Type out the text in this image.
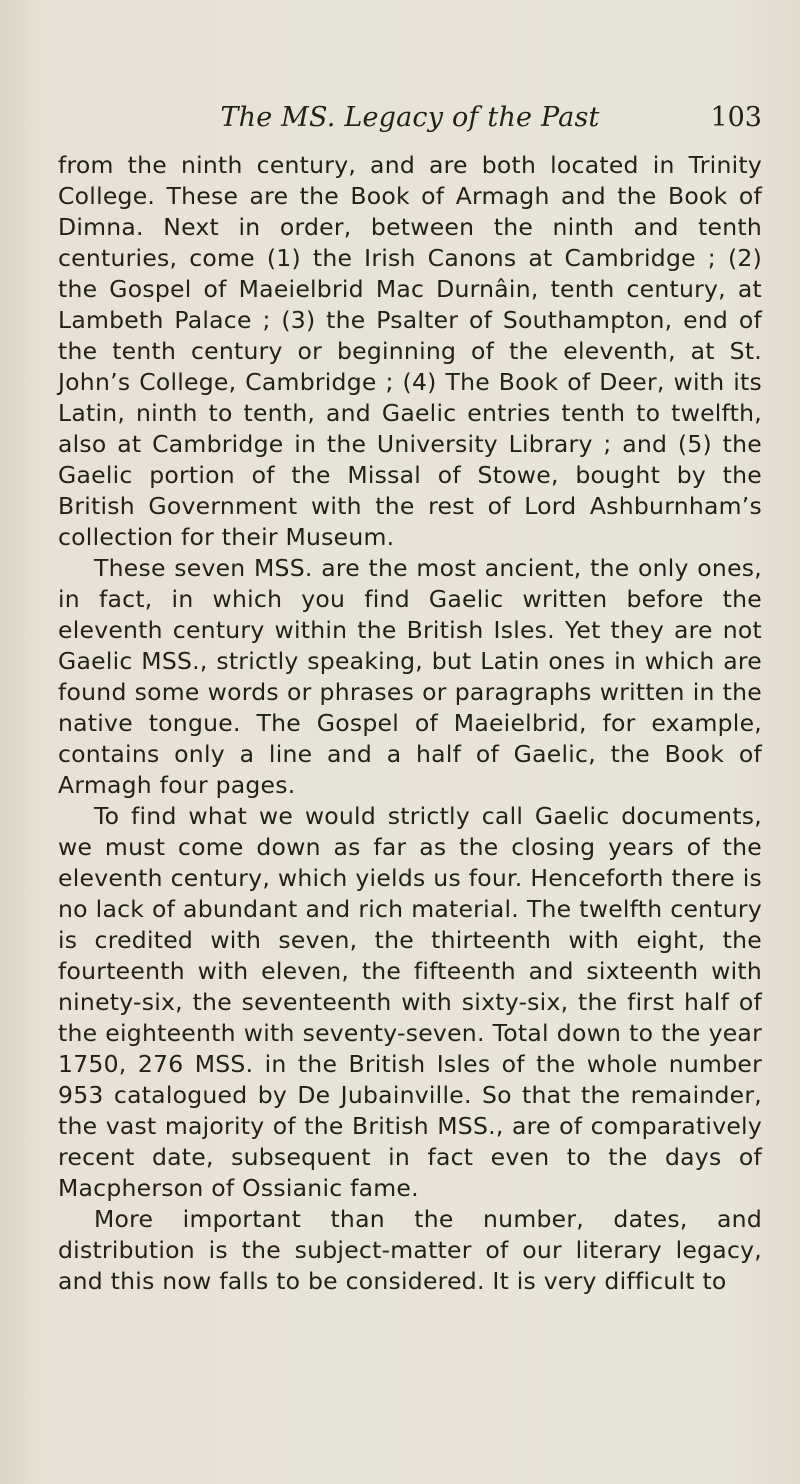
The MS. Legacy of the Past	103

from the ninth century, and are both located in Trinity College. These are the Book of Armagh and the Book of Dimna. Next in order, between the ninth and tenth centuries, come (1) the Irish Canons at Cambridge ; (2) the Gospel of Maeielbrid Mac Durnâin, tenth century, at Lambeth Palace ; (3) the Psalter of Southampton, end of the tenth century or beginning of the eleventh, at St. John’s College, Cambridge ; (4) The Book of Deer, with its Latin, ninth to tenth, and Gaelic entries tenth to twelfth, also at Cambridge in the University Library ; and (5) the Gaelic portion of the Missal of Stowe, bought by the British Government with the rest of Lord Ashburnham’s collection for their Museum.

These seven MSS. are the most ancient, the only ones, in fact, in which you find Gaelic written before the eleventh century within the British Isles. Yet they are not Gaelic MSS., strictly speaking, but Latin ones in which are found some words or phrases or paragraphs written in the native tongue. The Gospel of Maeielbrid, for example, contains only a line and a half of Gaelic, the Book of Armagh four pages.

To find what we would strictly call Gaelic documents, we must come down as far as the closing years of the eleventh century, which yields us four. Henceforth there is no lack of abundant and rich material. The twelfth century is credited with seven, the thirteenth with eight, the fourteenth with eleven, the fifteenth and sixteenth with ninety-six, the seventeenth with sixty-six, the first half of the eighteenth with seventy-seven. Total down to the year 1750, 276 MSS. in the British Isles of the whole number 953 catalogued by De Jubainville. So that the remainder, the vast majority of the British MSS., are of comparatively recent date, subsequent in fact even to the days of Macpherson of Ossianic fame.

More important than the number, dates, and distribution is the subject-matter of our literary legacy, and this now falls to be considered. It is very difficult to
